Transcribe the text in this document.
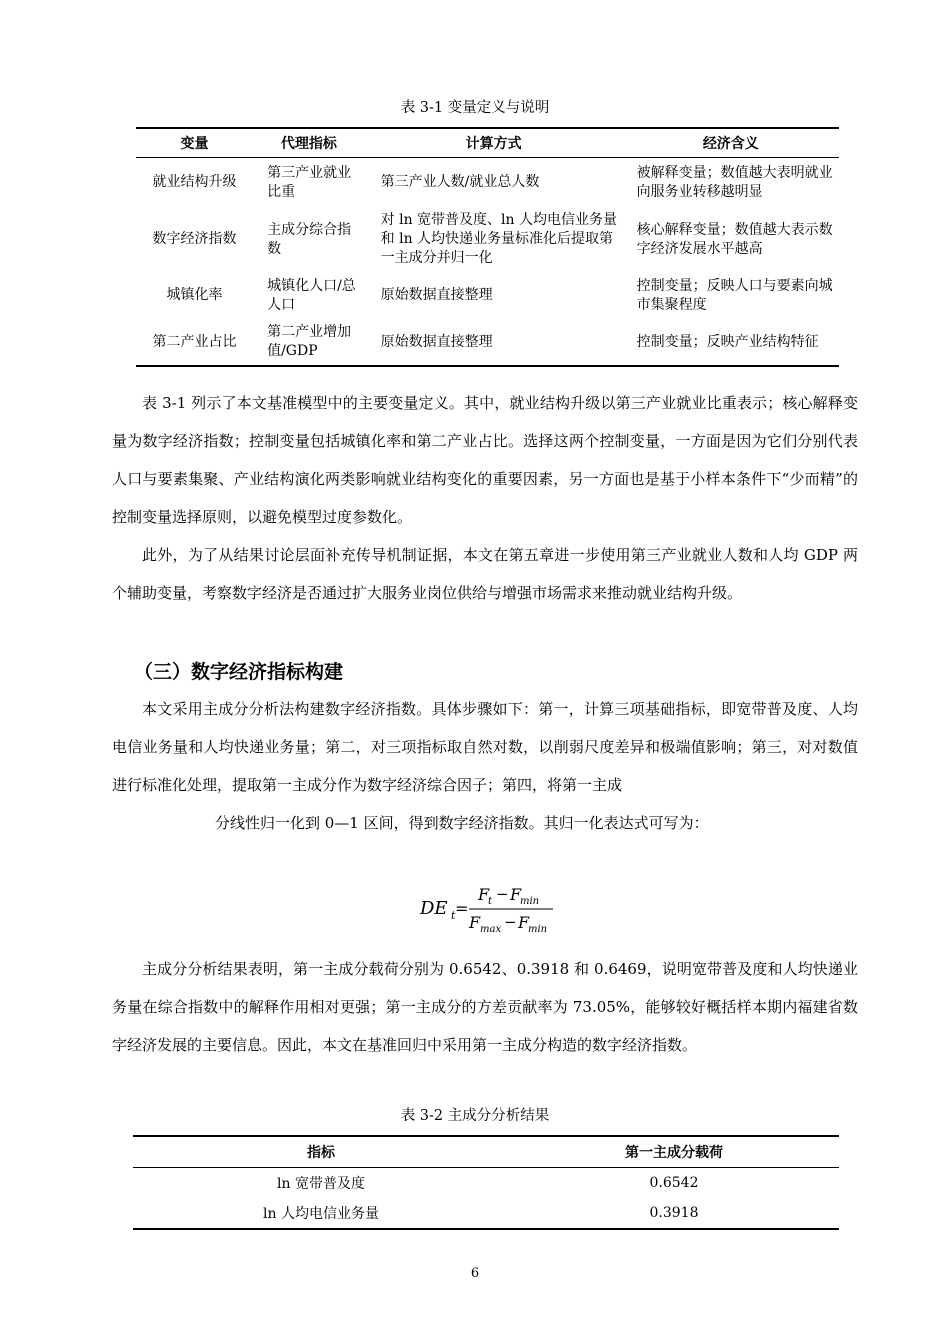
表 3-1 变量定义与说明
变量	代理指标	计算方式	经济含义
就业结构升级	第三产业就业比重	第三产业人数/就业总人数	被解释变量；数值越大表明就业向服务业转移越明显
数字经济指数	主成分综合指数	对 ln 宽带普及度、ln 人均电信业务量和 ln 人均快递业务量标准化后提取第一主成分并归一化	核心解释变量；数值越大表示数字经济发展水平越高
城镇化率	城镇化人口/总人口	原始数据直接整理	控制变量；反映人口与要素向城市集聚程度
第二产业占比	第二产业增加值/GDP	原始数据直接整理	控制变量；反映产业结构特征

表 3-1 列示了本文基准模型中的主要变量定义。其中，就业结构升级以第三产业就业比重表示；核心解释变量为数字经济指数；控制变量包括城镇化率和第二产业占比。选择这两个控制变量，一方面是因为它们分别代表人口与要素集聚、产业结构演化两类影响就业结构变化的重要因素，另一方面也是基于小样本条件下“少而精”的控制变量选择原则，以避免模型过度参数化。

此外，为了从结果讨论层面补充传导机制证据，本文在第五章进一步使用第三产业就业人数和人均 GDP 两个辅助变量，考察数字经济是否通过扩大服务业岗位供给与增强市场需求来推动就业结构升级。

（三）数字经济指标构建

本文采用主成分分析法构建数字经济指数。具体步骤如下：第一，计算三项基础指标，即宽带普及度、人均电信业务量和人均快递业务量；第二，对三项指标取自然对数，以削弱尺度差异和极端值影响；第三，对对数值进行标准化处理，提取第一主成分作为数字经济综合因子；第四，将第一主成

分线性归一化到 0—1 区间，得到数字经济指数。其归一化表达式可写为：

DE t =
F
t − F
min
F max − F
min

主成分分析结果表明，第一主成分载荷分别为 0.6542、0.3918 和 0.6469，说明宽带普及度和人均快递业务量在综合指数中的解释作用相对更强；第一主成分的方差贡献率为 73.05%，能够较好概括样本期内福建省数字经济发展的主要信息。因此，本文在基准回归中采用第一主成分构造的数字经济指数。

表 3-2 主成分分析结果
指标	第一主成分载荷
ln 宽带普及度	0.6542
ln 人均电信业务量	0.3918
6
